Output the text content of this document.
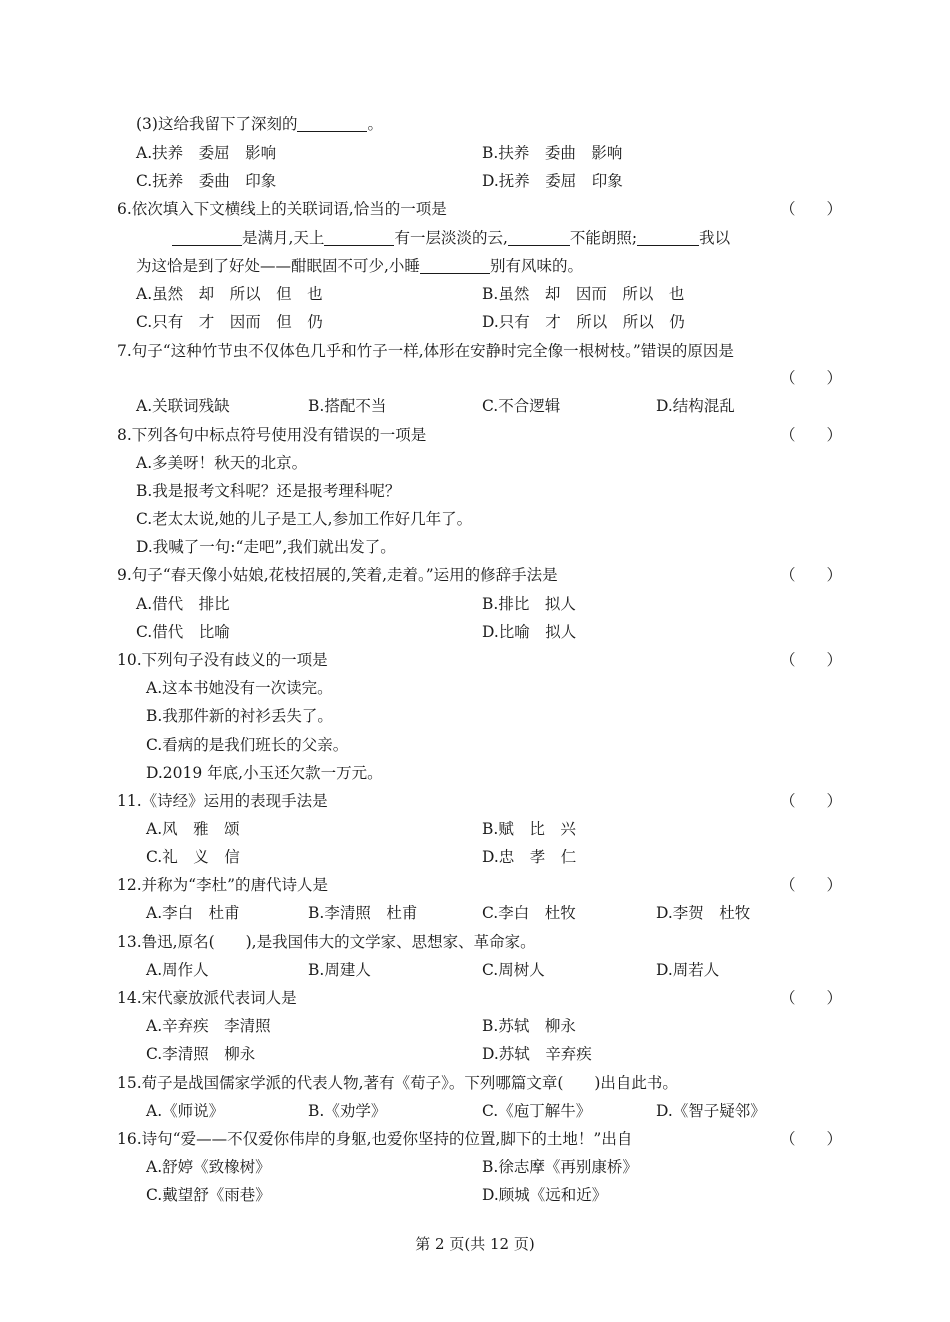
(3)这给我留下了深刻的	。
A.扶养　委屈　影响	B.扶养　委曲　影响
C.抚养　委曲　印象	D.抚养　委屈　印象
6.依次填入下文横线上的关联词语,恰当的一项是	（　　）
是满月,天上	有一层淡淡的云,	不能朗照;	我以
为这恰是到了好处——酣眠固不可少,小睡	别有风味的。
A.虽然　却　所以　但　也	B.虽然　却　因而　所以　也
C.只有　才　因而　但　仍	D.只有　才　所以　所以　仍
7.句子“这种竹节虫不仅体色几乎和竹子一样,体形在安静时完全像一根树枝。”错误的原因是
（　　）
A.关联词残缺	B.搭配不当	C.不合逻辑	D.结构混乱
8.下列各句中标点符号使用没有错误的一项是	（　　）
A.多美呀！秋天的北京。
B.我是报考文科呢？还是报考理科呢？
C.老太太说,她的儿子是工人,参加工作好几年了。
D.我喊了一句:“走吧”,我们就出发了。
9.句子“春天像小姑娘,花枝招展的,笑着,走着。”运用的修辞手法是	（　　）
A.借代　排比	B.排比　拟人
C.借代　比喻	D.比喻　拟人
10.下列句子没有歧义的一项是	（　　）
A.这本书她没有一次读完。
B.我那件新的衬衫丢失了。
C.看病的是我们班长的父亲。
D.2019 年底,小玉还欠款一万元。
11.《诗经》运用的表现手法是	（　　）
A.风　雅　颂	B.赋　比　兴
C.礼　义　信	D.忠　孝　仁
12.并称为“李杜”的唐代诗人是	（　　）
A.李白　杜甫	B.李清照　杜甫	C.李白　杜牧	D.李贺　杜牧
13.鲁迅,原名(　　),是我国伟大的文学家、思想家、革命家。
A.周作人	B.周建人	C.周树人	D.周若人
14.宋代豪放派代表词人是	（　　）
A.辛弃疾　李清照	B.苏轼　柳永
C.李清照　柳永	D.苏轼　辛弃疾
15.荀子是战国儒家学派的代表人物,著有《荀子》。下列哪篇文章(　　)出自此书。
A.《师说》	B.《劝学》	C.《庖丁解牛》	D.《智子疑邻》
16.诗句“爱——不仅爱你伟岸的身躯,也爱你坚持的位置,脚下的土地！”出自	（　　）
A.舒婷《致橡树》	B.徐志摩《再别康桥》
C.戴望舒《雨巷》	D.顾城《远和近》
第 2 页(共 12 页)
